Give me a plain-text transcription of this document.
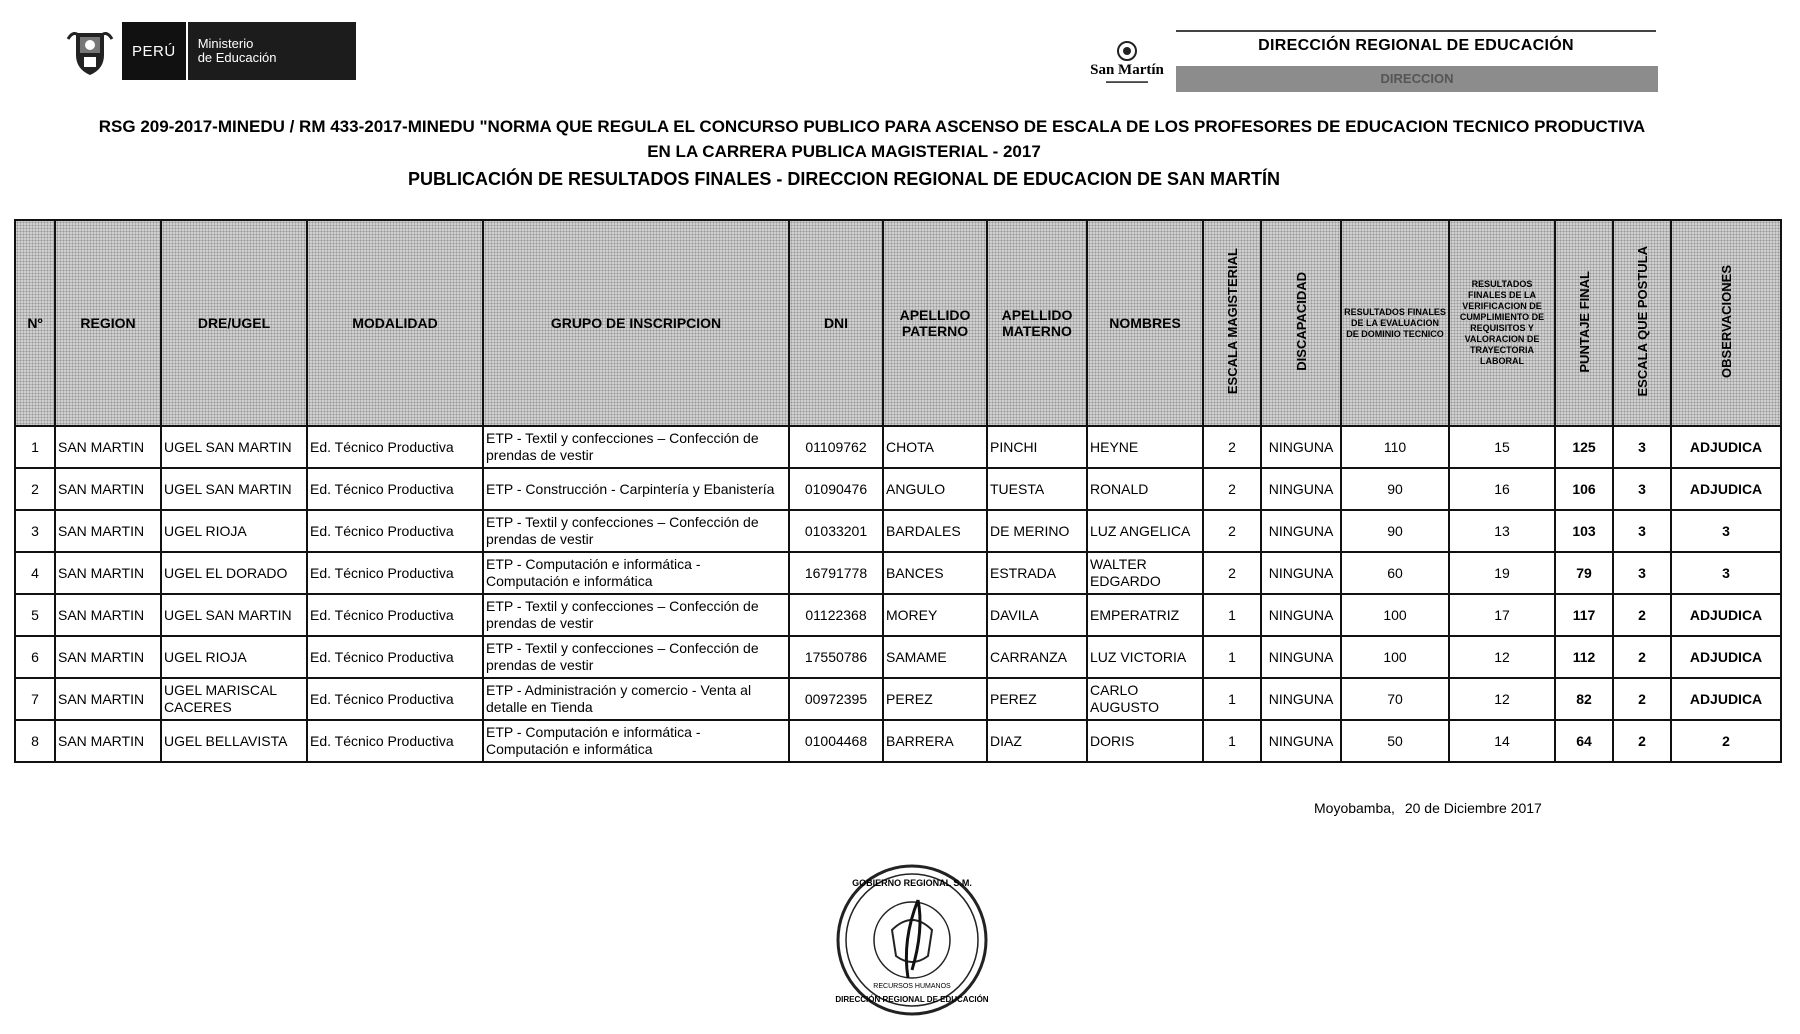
PERÚ	Ministerio
de Educación
San Martín
▬▬▬▬▬▬▬
DIRECCIÓN REGIONAL DE EDUCACIÓN
DIRECCION
RSG 209-2017-MINEDU / RM 433-2017-MINEDU "NORMA QUE REGULA EL CONCURSO PUBLICO PARA ASCENSO DE ESCALA DE LOS PROFESORES DE EDUCACION TECNICO PRODUCTIVA
EN LA CARRERA PUBLICA MAGISTERIAL - 2017
PUBLICACIÓN DE RESULTADOS FINALES - DIRECCION REGIONAL DE EDUCACION DE SAN MARTÍN
Nº	REGION	DRE/UGEL	MODALIDAD	GRUPO DE INSCRIPCION	DNI	APELLIDO PATERNO	APELLIDO MATERNO	NOMBRES	ESCALA MAGISTERIAL	DISCAPACIDAD	RESULTADOS FINALES DE LA EVALUACION DE DOMINIO TECNICO	RESULTADOS FINALES DE LA VERIFICACION DE CUMPLIMIENTO DE REQUISITOS Y VALORACION DE TRAYECTORIA LABORAL	PUNTAJE FINAL	ESCALA QUE POSTULA	OBSERVACIONES
1	SAN MARTIN	UGEL SAN MARTIN	Ed. Técnico Productiva	ETP - Textil y confecciones – Confección de prendas de vestir	01109762	CHOTA	PINCHI	HEYNE	2	NINGUNA	110	15	125	3	ADJUDICA
2	SAN MARTIN	UGEL SAN MARTIN	Ed. Técnico Productiva	ETP - Construcción - Carpintería y Ebanistería	01090476	ANGULO	TUESTA	RONALD	2	NINGUNA	90	16	106	3	ADJUDICA
3	SAN MARTIN	UGEL RIOJA	Ed. Técnico Productiva	ETP - Textil y confecciones – Confección de prendas de vestir	01033201	BARDALES	DE MERINO	LUZ ANGELICA	2	NINGUNA	90	13	103	3	3
4	SAN MARTIN	UGEL EL DORADO	Ed. Técnico Productiva	ETP - Computación e informática - Computación e informática	16791778	BANCES	ESTRADA	WALTER EDGARDO	2	NINGUNA	60	19	79	3	3
5	SAN MARTIN	UGEL SAN MARTIN	Ed. Técnico Productiva	ETP - Textil y confecciones – Confección de prendas de vestir	01122368	MOREY	DAVILA	EMPERATRIZ	1	NINGUNA	100	17	117	2	ADJUDICA
6	SAN MARTIN	UGEL RIOJA	Ed. Técnico Productiva	ETP - Textil y confecciones – Confección de prendas de vestir	17550786	SAMAME	CARRANZA	LUZ VICTORIA	1	NINGUNA	100	12	112	2	ADJUDICA
7	SAN MARTIN	UGEL MARISCAL CACERES	Ed. Técnico Productiva	ETP - Administración y comercio - Venta al detalle en Tienda	00972395	PEREZ	PEREZ	CARLO AUGUSTO	1	NINGUNA	70	12	82	2	ADJUDICA
8	SAN MARTIN	UGEL BELLAVISTA	Ed. Técnico Productiva	ETP - Computación e informática - Computación e informática	01004468	BARRERA	DIAZ	DORIS	1	NINGUNA	50	14	64	2	2
Moyobamba, 20 de Diciembre 2017
GOBIERNO REGIONAL S.M.
DIRECCIÓN REGIONAL DE EDUCACIÓN
RECURSOS HUMANOS
